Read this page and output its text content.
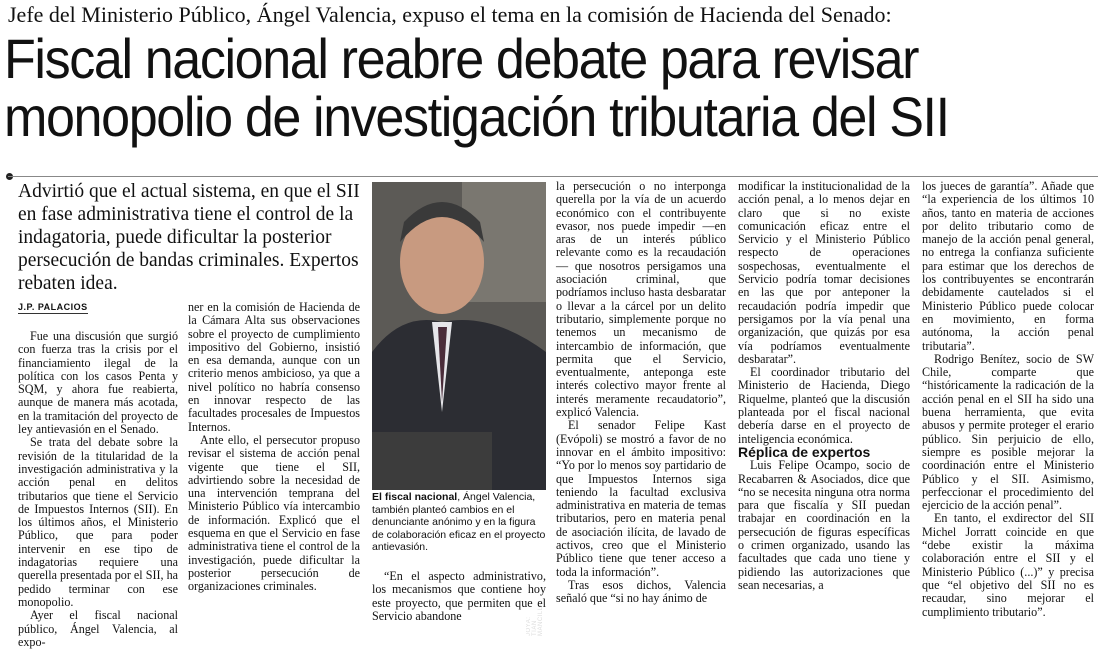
Jefe del Ministerio Público, Ángel Valencia, expuso el tema en la comisión de Hacienda del Senado:
Fiscal nacional reabre debate para revisar
monopolio de investigación tributaria del SII
Advirtió que el actual sistema, en que el SII en fase administrativa tiene el control de la indagatoria, puede dificultar la posterior persecución de bandas criminales. Expertos rebaten idea.
J.P. PALACIOS

Fue una discusión que surgió con fuerza tras la crisis por el financiamiento ilegal de la política con los casos Penta y SQM, y ahora fue reabierta, aunque de manera más acotada, en la tramitación del proyecto de ley antievasión en el Senado.

Se trata del debate sobre la revisión de la titularidad de la investigación administrativa y la acción penal en delitos tributarios que tiene el Servicio de Impuestos Internos (SII). En los últimos años, el Ministerio Público, que para poder intervenir en ese tipo de indagatorias requiere una querella presentada por el SII, ha pedido terminar con ese monopolio.

Ayer el fiscal nacional público, Ángel Valencia, al expo-

ner en la comisión de Hacienda de la Cámara Alta sus observaciones sobre el proyecto de cumplimiento impositivo del Gobierno, insistió en esa demanda, aunque con un criterio menos ambicioso, ya que a nivel político no habría consenso en innovar respecto de las facultades procesales de Impuestos Internos.

Ante ello, el persecutor propuso revisar el sistema de acción penal vigente que tiene el SII, advirtiendo sobre la necesidad de una intervención temprana del Ministerio Público vía intercambio de información. Explicó que el esquema en que el Servicio en fase administrativa tiene el control de la investigación, puede dificultar la posterior persecución de organizaciones criminales.

JOYA: TIAN MANCILLA
El fiscal nacional, Ángel Valencia, también planteó cambios en el denunciante anónimo y en la figura de colaboración eficaz en el proyecto antievasión.

“En el aspecto administrativo, los mecanismos que contiene hoy este proyecto, que permiten que el Servicio abandone

la persecución o no interponga querella por la vía de un acuerdo económico con el contribuyente evasor, nos puede impedir —en aras de un interés público relevante como es la recaudación— que nosotros persigamos una asociación criminal, que podríamos incluso hasta desbaratar o llevar a la cárcel por un delito tributario, simplemente porque no tenemos un mecanismo de intercambio de información, que permita que el Servicio, eventualmente, anteponga este interés colectivo mayor frente al interés meramente recaudatorio”, explicó Valencia.

El senador Felipe Kast (Evópoli) se mostró a favor de no innovar en el ámbito impositivo: “Yo por lo menos soy partidario de que Impuestos Internos siga teniendo la facultad exclusiva administrativa en materia de temas tributarios, pero en materia penal de asociación ilícita, de lavado de activos, creo que el Ministerio Público tiene que tener acceso a toda la información”.

Tras esos dichos, Valencia señaló que “si no hay ánimo de

modificar la institucionalidad de la acción penal, a lo menos dejar en claro que si no existe comunicación eficaz entre el Servicio y el Ministerio Público respecto de operaciones sospechosas, eventualmente el Servicio podría tomar decisiones en las que por anteponer la recaudación podría impedir que persigamos por la vía penal una organización, que quizás por esa vía podríamos eventualmente desbaratar”.

El coordinador tributario del Ministerio de Hacienda, Diego Riquelme, planteó que la discusión planteada por el fiscal nacional debería darse en el proyecto de inteligencia económica.

Réplica de expertos

Luis Felipe Ocampo, socio de Recabarren & Asociados, dice que “no se necesita ninguna otra norma para que fiscalía y SII puedan trabajar en coordinación en la persecución de figuras específicas o crimen organizado, usando las facultades que cada uno tiene y pidiendo las autorizaciones que sean necesarias, a

los jueces de garantía”. Añade que “la experiencia de los últimos 10 años, tanto en materia de acciones por delito tributario como de manejo de la acción penal general, no entrega la confianza suficiente para estimar que los derechos de los contribuyentes se encontrarán debidamente cautelados si el Ministerio Público puede colocar en movimiento, en forma autónoma, la acción penal tributaria”.

Rodrigo Benítez, socio de SW Chile, comparte que “históricamente la radicación de la acción penal en el SII ha sido una buena herramienta, que evita abusos y permite proteger el erario público. Sin perjuicio de ello, siempre es posible mejorar la coordinación entre el Ministerio Público y el SII. Asimismo, perfeccionar el procedimiento del ejercicio de la acción penal”.

En tanto, el exdirector del SII Michel Jorratt coincide en que “debe existir la máxima colaboración entre el SII y el Ministerio Público (...)” y precisa que “el objetivo del SII no es recaudar, sino mejorar el cumplimiento tributario”.
